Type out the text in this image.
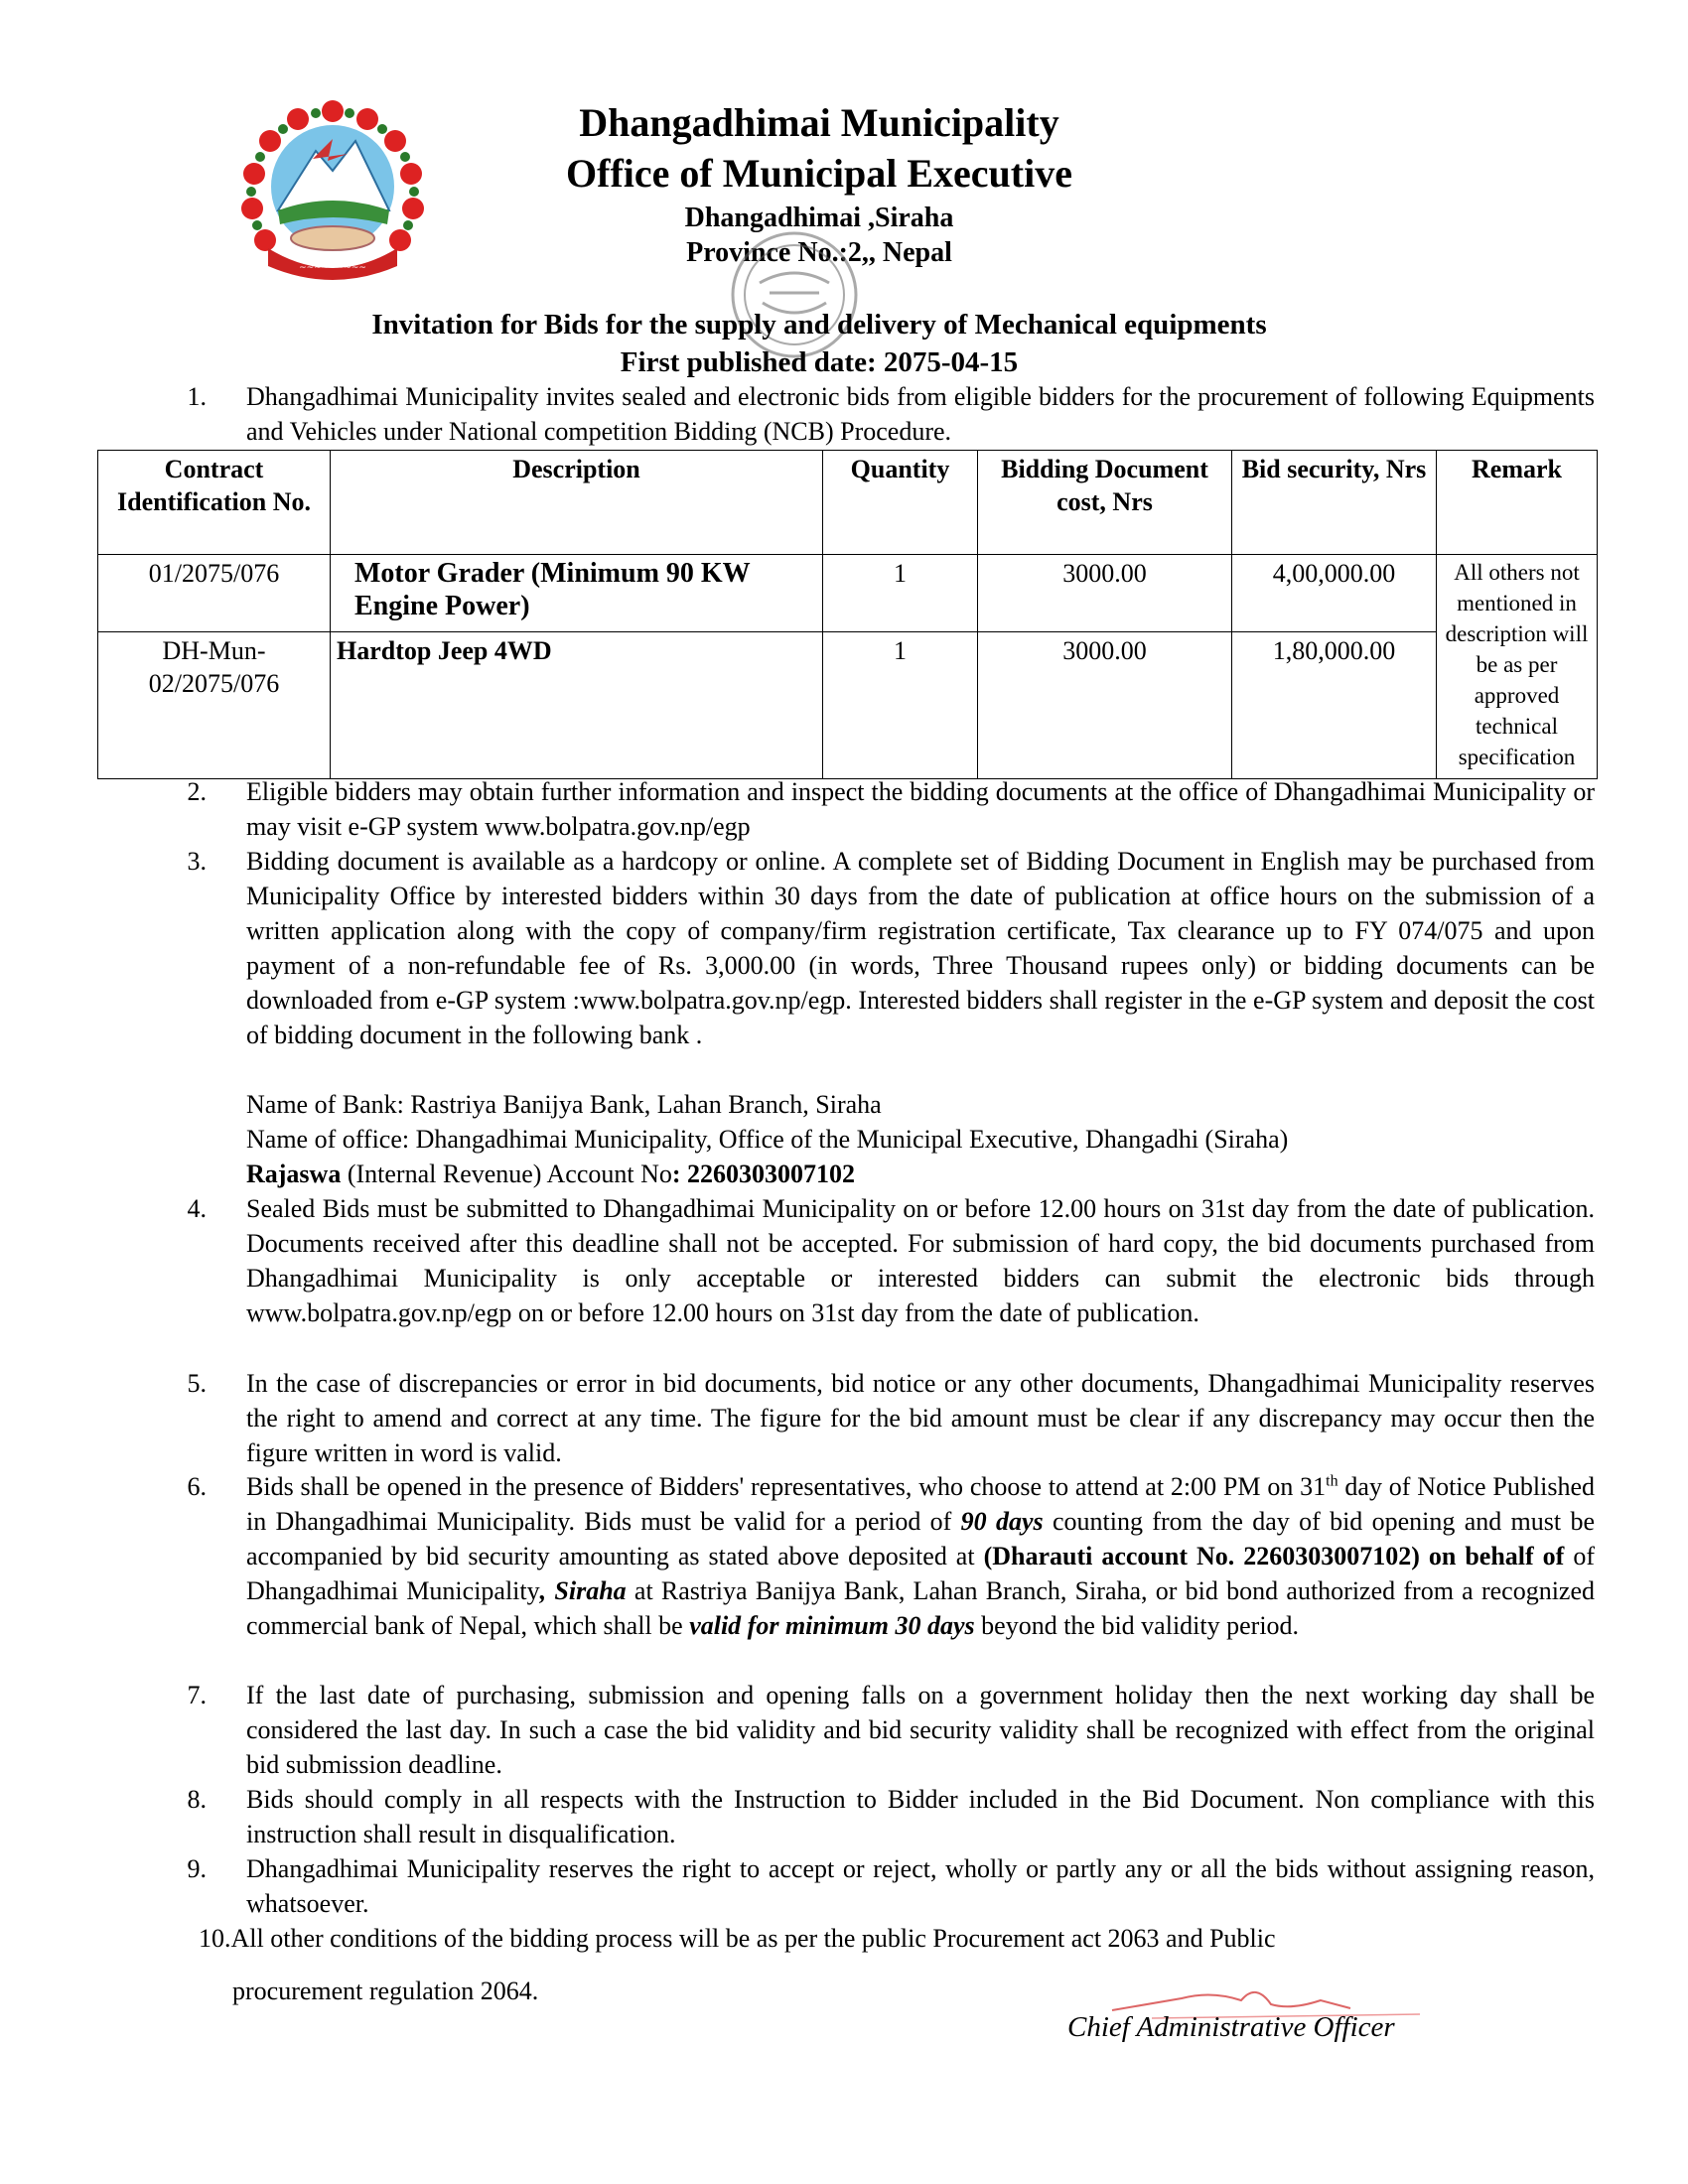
~~~~~~~~~
Dhangadhimai Municipality
Office of Municipal Executive
Dhangadhimai ,Siraha
Province No.:2,, Nepal
Invitation for Bids for the supply and delivery of Mechanical equipments
First published date: 2075-04-15
1. Dhangadhimai Municipality invites sealed and electronic bids from eligible bidders for the procurement of following Equipments and Vehicles under National competition Bidding (NCB) Procedure.
Contract Identification No.	Description	Quantity	Bidding Document cost, Nrs	Bid security, Nrs	Remark
01/2075/076	Motor Grader (Minimum 90 KW Engine Power)	1	3000.00	4,00,000.00	All others not mentioned in description will be as per approved technical specification
DH-Mun-02/2075/076	Hardtop Jeep 4WD	1	3000.00	1,80,000.00	
2. Eligible bidders may obtain further information and inspect the bidding documents at the office of Dhangadhimai Municipality or may visit e-GP system www.bolpatra.gov.np/egp
3. Bidding document is available as a hardcopy or online. A complete set of Bidding Document in English may be purchased from Municipality Office by interested bidders within 30 days from the date of publication at office hours on the submission of a written application along with the copy of company/firm registration certificate, Tax clearance up to FY 074/075 and upon payment of a non-refundable fee of Rs. 3,000.00 (in words, Three Thousand rupees only) or bidding documents can be downloaded from e-GP system :www.bolpatra.gov.np/egp. Interested bidders shall register in the e-GP system and deposit the cost of bidding document in the following bank .
Name of Bank: Rastriya Banijya Bank, Lahan Branch, Siraha
Name of office: Dhangadhimai Municipality, Office of the Municipal Executive, Dhangadhi (Siraha)
Rajaswa (Internal Revenue) Account No: 2260303007102
4. Sealed Bids must be submitted to Dhangadhimai Municipality on or before 12.00 hours on 31st day from the date of publication. Documents received after this deadline shall not be accepted. For submission of hard copy, the bid documents purchased from Dhangadhimai Municipality is only acceptable or interested bidders can submit the electronic bids through www.bolpatra.gov.np/egp on or before 12.00 hours on 31st day from the date of publication.
5. In the case of discrepancies or error in bid documents, bid notice or any other documents, Dhangadhimai Municipality reserves the right to amend and correct at any time. The figure for the bid amount must be clear if any discrepancy may occur then the figure written in word is valid.
6. Bids shall be opened in the presence of Bidders' representatives, who choose to attend at 2:00 PM on 31th day of Notice Published in Dhangadhimai Municipality. Bids must be valid for a period of 90 days counting from the day of bid opening and must be accompanied by bid security amounting as stated above deposited at (Dharauti account No. 2260303007102) on behalf of of Dhangadhimai Municipality, Siraha at Rastriya Banijya Bank, Lahan Branch, Siraha, or bid bond authorized from a recognized commercial bank of Nepal, which shall be valid for minimum 30 days beyond the bid validity period.
7. If the last date of purchasing, submission and opening falls on a government holiday then the next working day shall be considered the last day. In such a case the bid validity and bid security validity shall be recognized with effect from the original bid submission deadline.
8. Bids should comply in all respects with the Instruction to Bidder included in the Bid Document. Non compliance with this instruction shall result in disqualification.
9. Dhangadhimai Municipality reserves the right to accept or reject, wholly or partly any or all the bids without assigning reason, whatsoever.
10.All other conditions of the bidding process will be as per the public Procurement act 2063 and Public
procurement regulation 2064.
Chief Administrative Officer
